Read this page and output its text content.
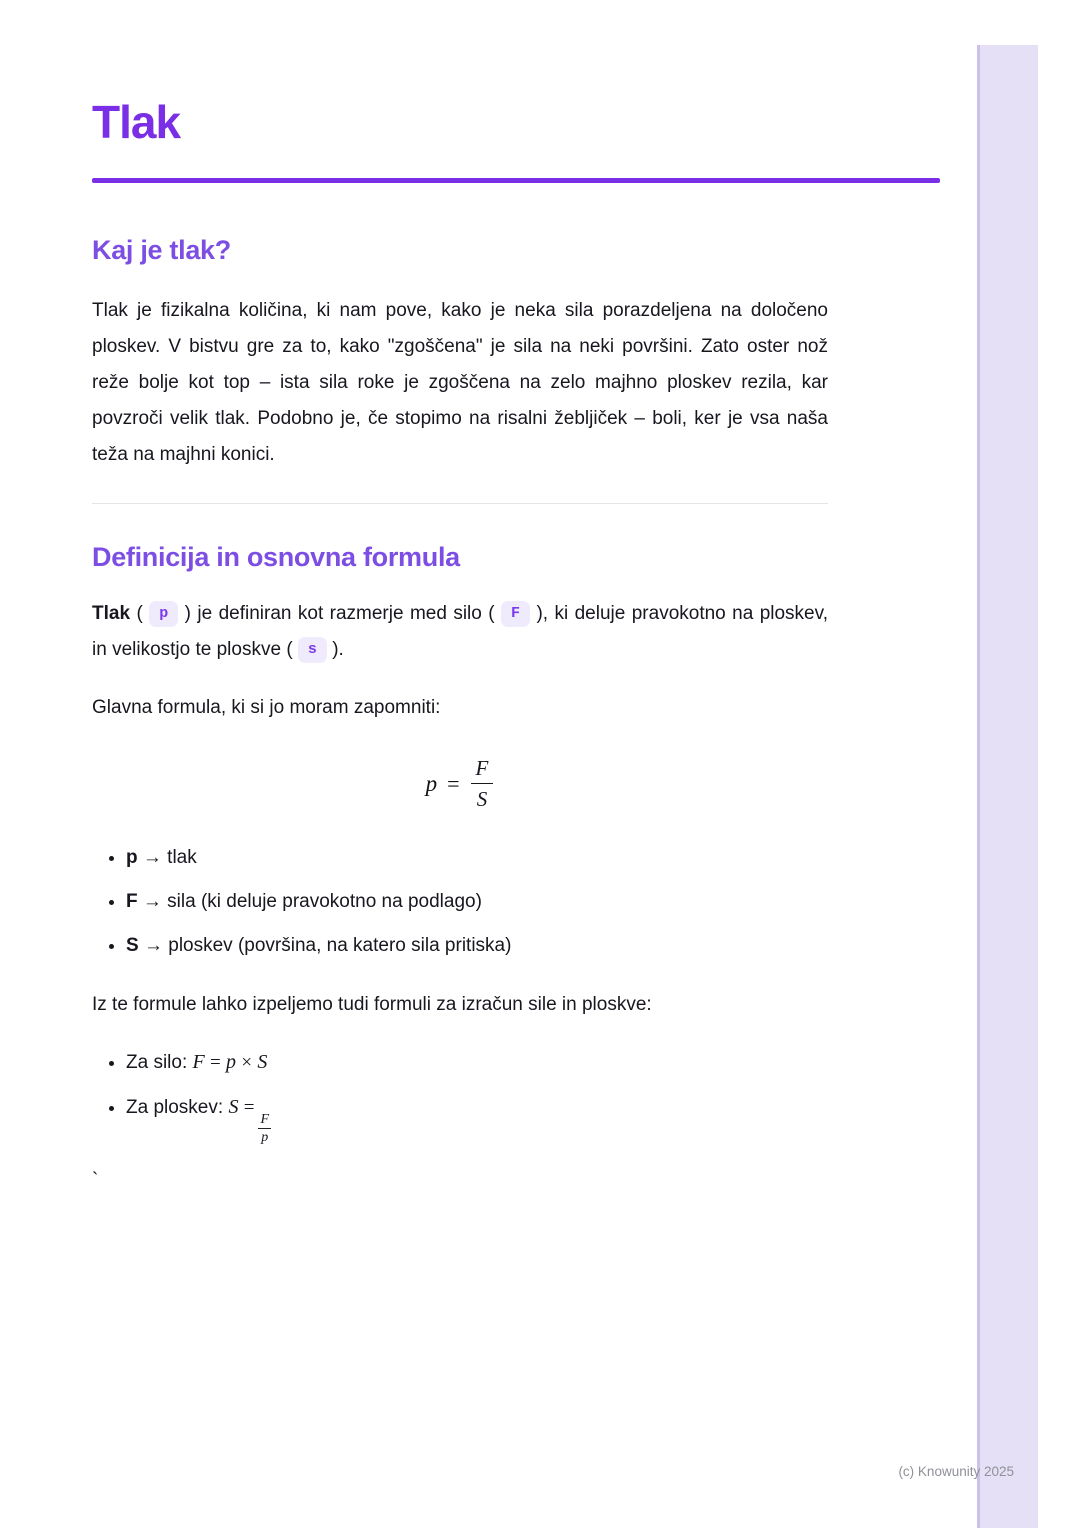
Tlak
Kaj je tlak?

Tlak je fizikalna količina, ki nam pove, kako je neka sila porazdeljena na določeno ploskev. V bistvu gre za to, kako "zgoščena" je sila na neki površini. Zato oster nož reže bolje kot top – ista sila roke je zgoščena na zelo majhno ploskev rezila, kar povzroči velik tlak. Podobno je, če stopimo na risalni žebljiček – boli, ker je vsa naša teža na majhni konici.

Definicija in osnovna formula

Tlak ( p ) je definiran kot razmerje med silo ( F ), ki deluje pravokotno na ploskev, in velikostjo te ploskve ( s ).

Glavna formula, ki si jo moram zapomniti:

$p = \frac{F}{S}$
• p → tlak
• F → sila (ki deluje pravokotno na podlago)
• S → ploskev (površina, na katero sila pritiska)

Iz te formule lahko izpeljemo tudi formuli za izračun sile in ploskve:

• Za silo: F = p × S
• Za ploskev: S =
$\frac{F}{p}$

`

(c) Knowunity 2025
